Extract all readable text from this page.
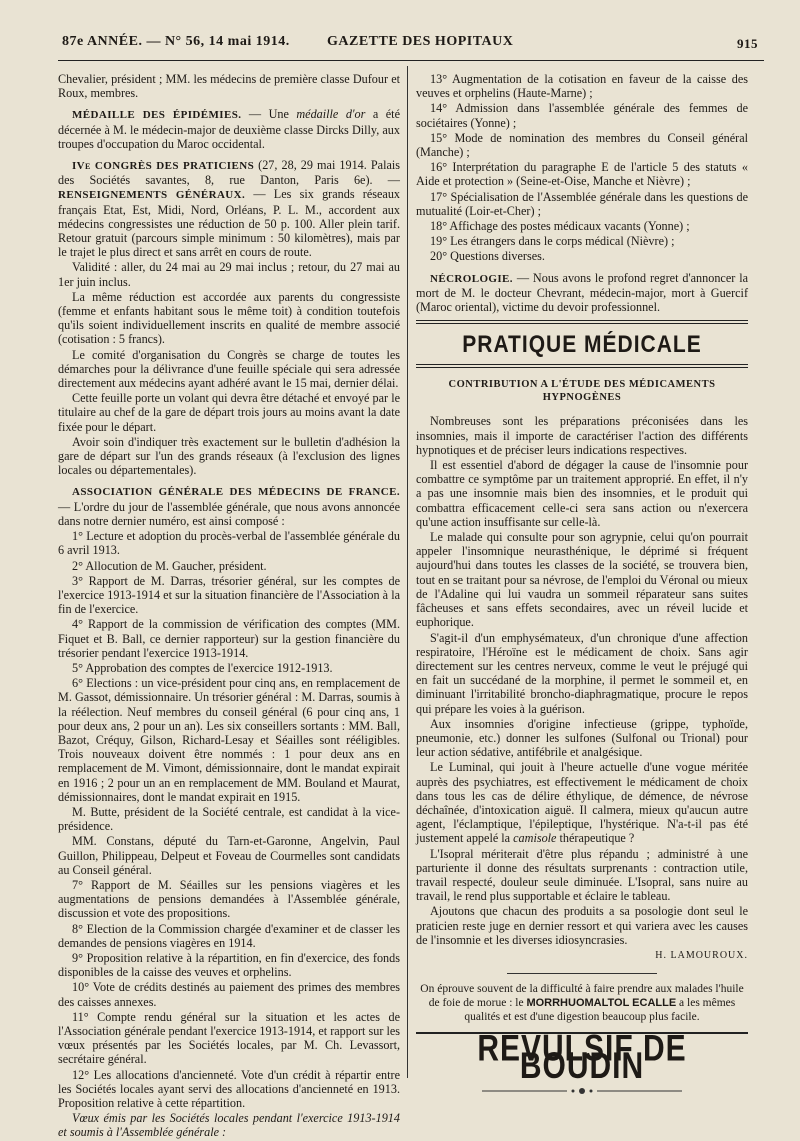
87e ANNÉE. — N° 56, 14 mai 1914.	GAZETTE DES HOPITAUX	915

Chevalier, président ; MM. les médecins de première classe Dufour et Roux, membres.

MÉDAILLE DES ÉPIDÉMIES. — Une médaille d'or a été décernée à M. le médecin-major de deuxième classe Dircks Dilly, aux troupes d'occupation du Maroc occidental.

IVe CONGRÈS DES PRATICIENS (27, 28, 29 mai 1914. Palais des Sociétés savantes, 8, rue Danton, Paris 6e). — RENSEIGNEMENTS GÉNÉRAUX. — Les six grands réseaux français Etat, Est, Midi, Nord, Orléans, P. L. M., accordent aux médecins congressistes une réduction de 50 p. 100. Aller plein tarif. Retour gratuit (parcours simple minimum : 50 kilomètres), mais par le trajet le plus direct et sans arrêt en cours de route.

Validité : aller, du 24 mai au 29 mai inclus ; retour, du 27 mai au 1er juin inclus.

La même réduction est accordée aux parents du congressiste (femme et enfants habitant sous le même toit) à condition toutefois qu'ils soient individuellement inscrits en qualité de membre associé (cotisation : 5 francs).

Le comité d'organisation du Congrès se charge de toutes les démarches pour la délivrance d'une feuille spéciale qui sera adressée directement aux médecins ayant adhéré avant le 15 mai, dernier délai.

Cette feuille porte un volant qui devra être détaché et envoyé par le titulaire au chef de la gare de départ trois jours au moins avant la date fixée pour le départ.

Avoir soin d'indiquer très exactement sur le bulletin d'adhésion la gare de départ sur l'un des grands réseaux (à l'exclusion des lignes locales ou départementales).

ASSOCIATION GÉNÉRALE DES MÉDECINS DE FRANCE. — L'ordre du jour de l'assemblée générale, que nous avons annoncée dans notre dernier numéro, est ainsi composé :

1° Lecture et adoption du procès-verbal de l'assemblée générale du 6 avril 1913.

2° Allocution de M. Gaucher, président.

3° Rapport de M. Darras, trésorier général, sur les comptes de l'exercice 1913-1914 et sur la situation financière de l'Association à la fin de l'exercice.

4° Rapport de la commission de vérification des comptes (MM. Fiquet et B. Ball, ce dernier rapporteur) sur la gestion financière du trésorier pendant l'exercice 1913-1914.

5° Approbation des comptes de l'exercice 1912-1913.

6° Elections : un vice-président pour cinq ans, en remplacement de M. Gassot, démissionnaire. Un trésorier général : M. Darras, soumis à la réélection. Neuf membres du conseil général (6 pour cinq ans, 1 pour deux ans, 2 pour un an). Les six conseillers sortants : MM. Ball, Bazot, Créquy, Gilson, Richard-Lesay et Séailles sont rééligibles. Trois nouveaux doivent être nommés : 1 pour deux ans en remplacement de M. Vimont, démissionnaire, dont le mandat expirait en 1916 ; 2 pour un an en remplacement de MM. Bouland et Maurat, démissionnaires, dont le mandat expirait en 1915.

M. Butte, président de la Société centrale, est candidat à la vice-présidence.

MM. Constans, député du Tarn-et-Garonne, Angelvin, Paul Guillon, Philippeau, Delpeut et Foveau de Courmelles sont candidats au Conseil général.

7° Rapport de M. Séailles sur les pensions viagères et les augmentations de pensions demandées à l'Assemblée générale, discussion et vote des propositions.

8° Election de la Commission chargée d'examiner et de classer les demandes de pensions viagères en 1914.

9° Proposition relative à la répartition, en fin d'exercice, des fonds disponibles de la caisse des veuves et orphelins.

10° Vote de crédits destinés au paiement des primes des membres des caisses annexes.

11° Compte rendu général sur la situation et les actes de l'Association générale pendant l'exercice 1913-1914, et rapport sur les vœux présentés par les Sociétés locales, par M. Ch. Levassort, secrétaire général.

12° Les allocations d'ancienneté. Vote d'un crédit à répartir entre les Sociétés locales ayant servi des allocations d'ancienneté en 1913. Proposition relative à cette répartition.

Vœux émis par les Sociétés locales pendant l'exercice 1913-1914 et soumis à l'Assemblée générale :

13° Augmentation de la cotisation en faveur de la caisse des veuves et orphelins (Haute-Marne) ;

14° Admission dans l'assemblée générale des femmes de sociétaires (Yonne) ;

15° Mode de nomination des membres du Conseil général (Manche) ;

16° Interprétation du paragraphe E de l'article 5 des statuts « Aide et protection » (Seine-et-Oise, Manche et Nièvre) ;

17° Spécialisation de l'Assemblée générale dans les questions de mutualité (Loir-et-Cher) ;

18° Affichage des postes médicaux vacants (Yonne) ;

19° Les étrangers dans le corps médical (Nièvre) ;

20° Questions diverses.

NÉCROLOGIE. — Nous avons le profond regret d'annoncer la mort de M. le docteur Chevrant, médecin-major, mort à Guercif (Maroc oriental), victime du devoir professionnel.

PRATIQUE MÉDICALE
CONTRIBUTION A L'ÉTUDE DES MÉDICAMENTS
HYPNOGÈNES

Nombreuses sont les préparations préconisées dans les insomnies, mais il importe de caractériser l'action des différents hypnotiques et de préciser leurs indications respectives.

Il est essentiel d'abord de dégager la cause de l'insomnie pour combattre ce symptôme par un traitement approprié. En effet, il n'y a pas une insomnie mais bien des insomnies, et le produit qui combattra efficacement celle-ci sera sans action ou n'exercera qu'une action insuffisante sur celle-là.

Le malade qui consulte pour son agrypnie, celui qu'on pourrait appeler l'insomnique neurasthénique, le déprimé si fréquent aujourd'hui dans toutes les classes de la société, se trouvera bien, tout en se traitant pour sa névrose, de l'emploi du Véronal ou mieux de l'Adaline qui lui vaudra un sommeil réparateur sans suites fâcheuses et sans effets secondaires, avec un réveil lucide et euphorique.

S'agit-il d'un emphysémateux, d'un chronique d'une affection respiratoire, l'Héroïne est le médicament de choix. Sans agir directement sur les centres nerveux, comme le veut le préjugé qui en fait un succédané de la morphine, il permet le sommeil et, en diminuant l'irritabilité broncho-diaphragmatique, procure le repos qui prépare les voies à la guérison.

Aux insomnies d'origine infectieuse (grippe, typhoïde, pneumonie, etc.) donner les sulfones (Sulfonal ou Trional) pour leur action sédative, antifébrile et analgésique.

Le Luminal, qui jouit à l'heure actuelle d'une vogue méritée auprès des psychiatres, est effectivement le médicament de choix dans tous les cas de délire éthylique, de démence, de névrose déchaînée, d'intoxication aiguë. Il calmera, mieux qu'aucun autre agent, l'éclamptique, l'épileptique, l'hystérique. N'a-t-il pas été justement appelé la camisole thérapeutique ?

L'Isopral mériterait d'être plus répandu ; administré à une parturiente il donne des résultats surprenants : contraction utile, travail respecté, douleur seule diminuée. L'Isopral, sans nuire au travail, le rend plus supportable et éclaire le tableau.

Ajoutons que chacun des produits a sa posologie dont seul le praticien reste juge en dernier ressort et qui variera avec les causes de l'insomnie et les diverses idiosyncrasies.

H. LAMOUROUX.
On éprouve souvent de la difficulté à faire prendre aux malades l'huile de foie de morue : le MORRHUOMALTOL ECALLE a les mêmes qualités et est d'une digestion beaucoup plus facile.
REVULSIF DE BOUDIN
